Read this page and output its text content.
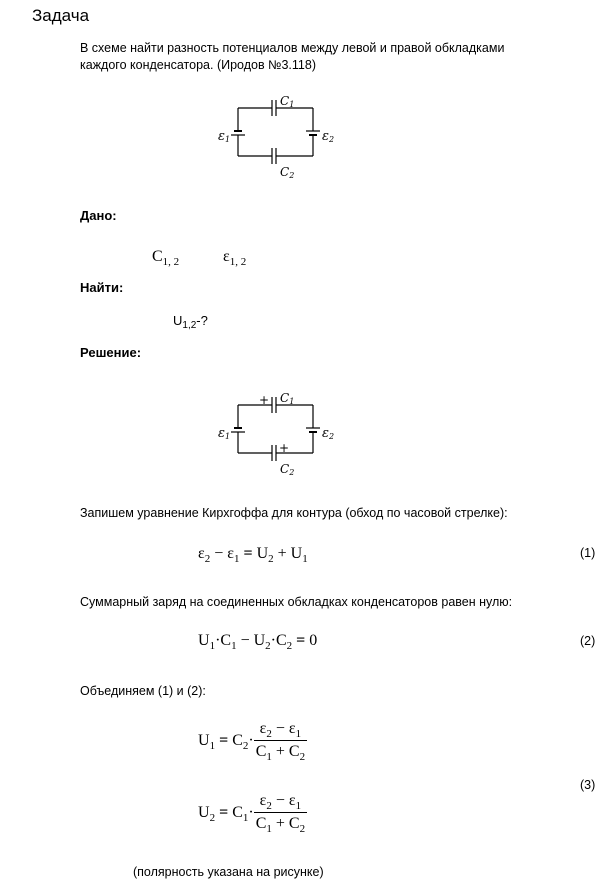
Задача
В схеме найти разность потенциалов между левой и правой обкладками
каждого конденсатора. (Иродов №3.118)
C1
C2
ε1	ε2
Дано:
$C_{1, 2}$	$\varepsilon_{1, 2}$
Найти:
$U_{1,2}-$?
Решение:
+
+
C1
C2
ε1	ε2
Запишем уравнение Кирхгоффа для контура (обход по часовой стрелке):
$\varepsilon_2 - \varepsilon_1 = U_2 + U_1$	(1)
Суммарный заряд на соединенных обкладках конденсаторов равен нулю:
$U_1\cdot C_1 - U_2\cdot C_2 = 0$	(2)
Объединяем (1) и (2):
$U_1 = C_2\cdot \frac{\varepsilon_2 - \varepsilon_1}{C_1 + C_2}$
(3)
$U_2 = C_1\cdot \frac{\varepsilon_2 - \varepsilon_1}{C_1 + C_2}$
(полярность указана на рисунке)
